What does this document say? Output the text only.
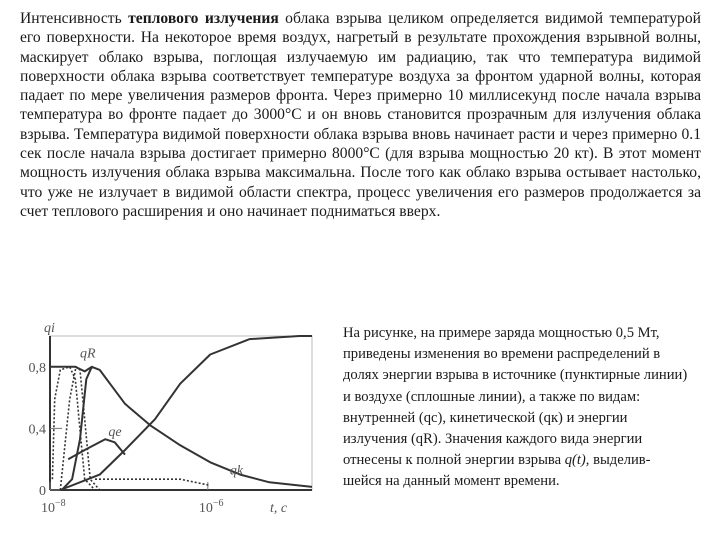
Интенсивность теплового излучения облака взрыва целиком определяется видимой температурой его поверхности. На некоторое время воздух, нагретый в результате прохождения взрывной волны, маскирует облако взрыва, поглощая излучаемую им радиацию, так что температура видимой поверхности облака взрыва соответствует температуре воздуха за фронтом ударной волны, которая падает по мере увеличения размеров фронта. Через примерно 10 миллисекунд после начала взрыва температура во фронте падает до 3000°С и он вновь становится прозрачным для излучения облака взрыва. Температура видимой поверхности облака взрыва вновь начинает расти и через примерно 0.1 сек после начала взрыва достигает примерно 8000°С (для взрыва мощностью 20 кт). В этот момент мощность излучения облака взрыва максимальна. После того как облако взрыва остывает настолько, что уже не излучает в видимой области спектра, процесс увеличения его размеров продолжается за счет теплового расширения и оно начинает подниматься вверх.
0
0,4
0,8
$10^{-8}$	$10^{-6}$
qi
t, c
qR
qe
qk
На рисунке, на примере заряда мощностью 0,5 Мт, приведены изменения во времени распределений в долях энергии взрыва в источнике (пунктирные линии) и воздухе (сплошные линии), а также по видам: внутренней (qc), кинетической (qк) и энергии излучения (qR). Значения каждого вида энергии отнесены к полной энергии взрыва q(t), выделив-шейся на данный момент времени.
